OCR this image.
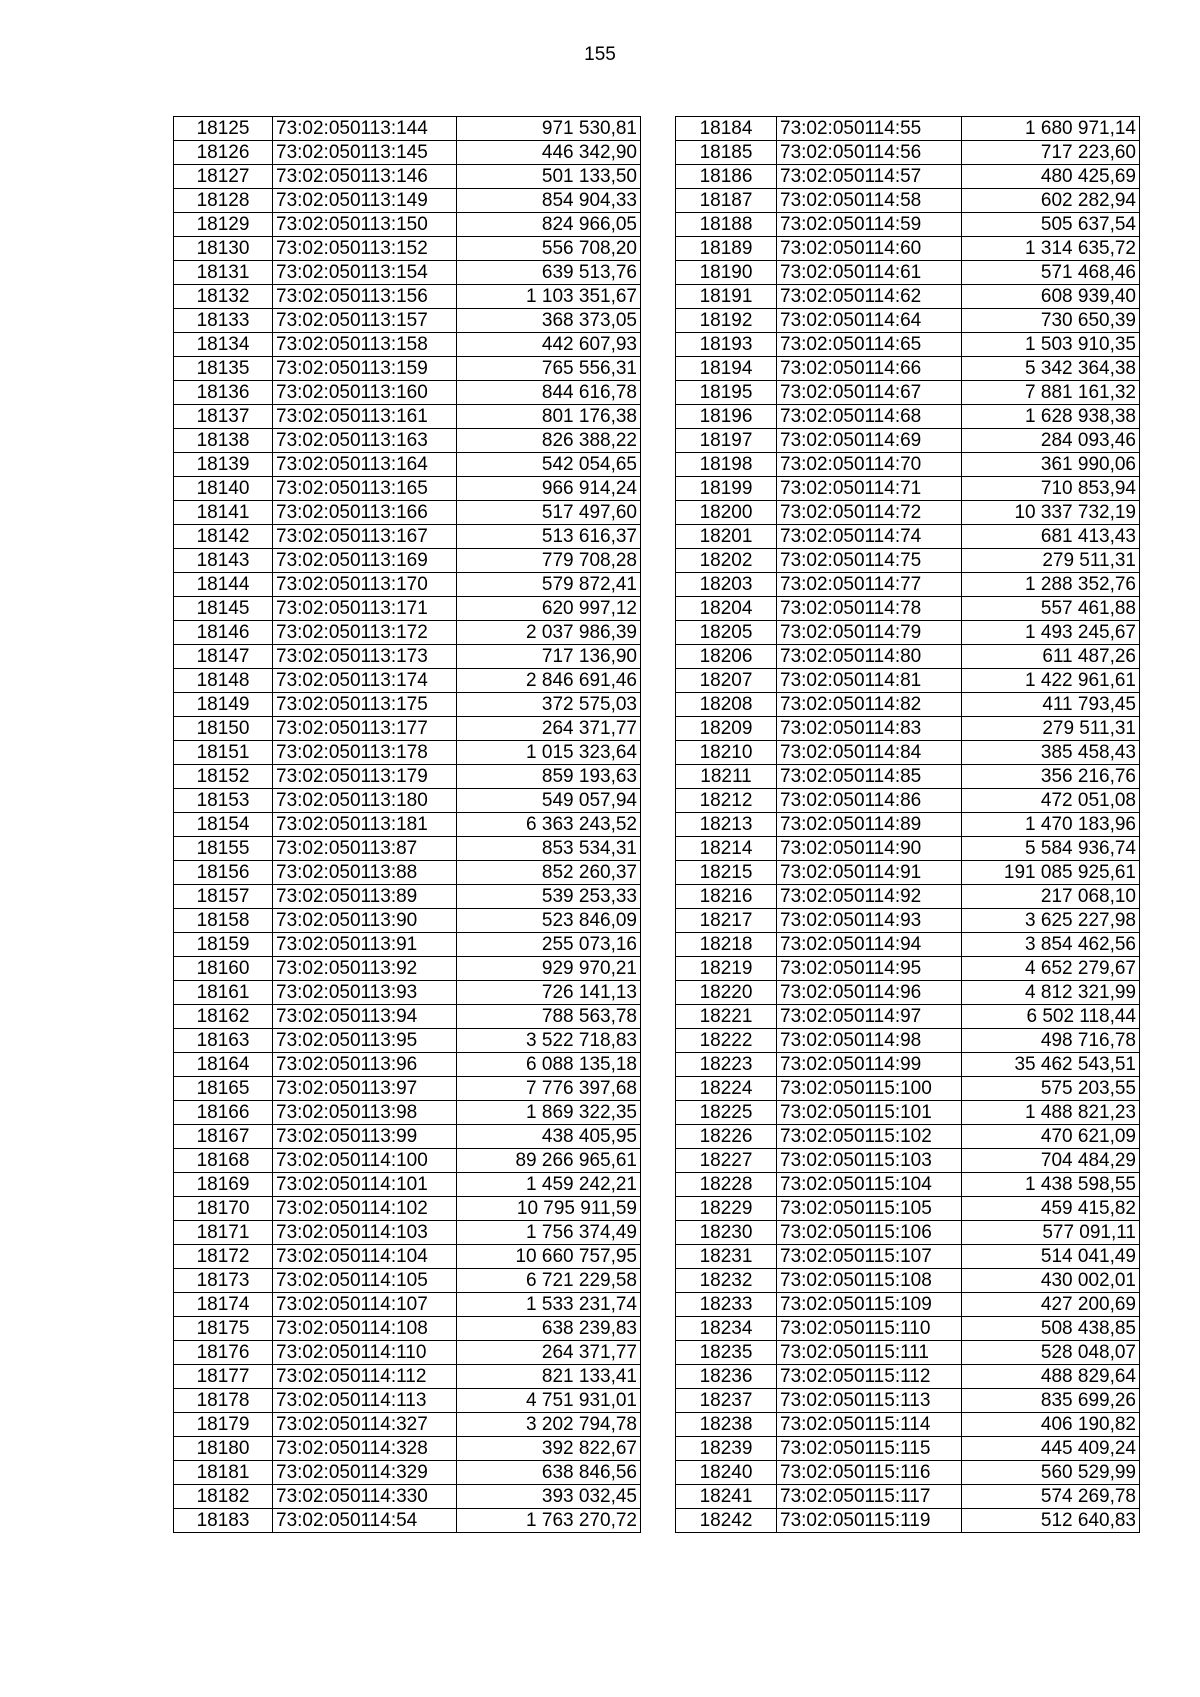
155
18125	73:02:050113:144	971 530,81
18126	73:02:050113:145	446 342,90
18127	73:02:050113:146	501 133,50
18128	73:02:050113:149	854 904,33
18129	73:02:050113:150	824 966,05
18130	73:02:050113:152	556 708,20
18131	73:02:050113:154	639 513,76
18132	73:02:050113:156	1 103 351,67
18133	73:02:050113:157	368 373,05
18134	73:02:050113:158	442 607,93
18135	73:02:050113:159	765 556,31
18136	73:02:050113:160	844 616,78
18137	73:02:050113:161	801 176,38
18138	73:02:050113:163	826 388,22
18139	73:02:050113:164	542 054,65
18140	73:02:050113:165	966 914,24
18141	73:02:050113:166	517 497,60
18142	73:02:050113:167	513 616,37
18143	73:02:050113:169	779 708,28
18144	73:02:050113:170	579 872,41
18145	73:02:050113:171	620 997,12
18146	73:02:050113:172	2 037 986,39
18147	73:02:050113:173	717 136,90
18148	73:02:050113:174	2 846 691,46
18149	73:02:050113:175	372 575,03
18150	73:02:050113:177	264 371,77
18151	73:02:050113:178	1 015 323,64
18152	73:02:050113:179	859 193,63
18153	73:02:050113:180	549 057,94
18154	73:02:050113:181	6 363 243,52
18155	73:02:050113:87	853 534,31
18156	73:02:050113:88	852 260,37
18157	73:02:050113:89	539 253,33
18158	73:02:050113:90	523 846,09
18159	73:02:050113:91	255 073,16
18160	73:02:050113:92	929 970,21
18161	73:02:050113:93	726 141,13
18162	73:02:050113:94	788 563,78
18163	73:02:050113:95	3 522 718,83
18164	73:02:050113:96	6 088 135,18
18165	73:02:050113:97	7 776 397,68
18166	73:02:050113:98	1 869 322,35
18167	73:02:050113:99	438 405,95
18168	73:02:050114:100	89 266 965,61
18169	73:02:050114:101	1 459 242,21
18170	73:02:050114:102	10 795 911,59
18171	73:02:050114:103	1 756 374,49
18172	73:02:050114:104	10 660 757,95
18173	73:02:050114:105	6 721 229,58
18174	73:02:050114:107	1 533 231,74
18175	73:02:050114:108	638 239,83
18176	73:02:050114:110	264 371,77
18177	73:02:050114:112	821 133,41
18178	73:02:050114:113	4 751 931,01
18179	73:02:050114:327	3 202 794,78
18180	73:02:050114:328	392 822,67
18181	73:02:050114:329	638 846,56
18182	73:02:050114:330	393 032,45
18183	73:02:050114:54	1 763 270,72
18184	73:02:050114:55	1 680 971,14
18185	73:02:050114:56	717 223,60
18186	73:02:050114:57	480 425,69
18187	73:02:050114:58	602 282,94
18188	73:02:050114:59	505 637,54
18189	73:02:050114:60	1 314 635,72
18190	73:02:050114:61	571 468,46
18191	73:02:050114:62	608 939,40
18192	73:02:050114:64	730 650,39
18193	73:02:050114:65	1 503 910,35
18194	73:02:050114:66	5 342 364,38
18195	73:02:050114:67	7 881 161,32
18196	73:02:050114:68	1 628 938,38
18197	73:02:050114:69	284 093,46
18198	73:02:050114:70	361 990,06
18199	73:02:050114:71	710 853,94
18200	73:02:050114:72	10 337 732,19
18201	73:02:050114:74	681 413,43
18202	73:02:050114:75	279 511,31
18203	73:02:050114:77	1 288 352,76
18204	73:02:050114:78	557 461,88
18205	73:02:050114:79	1 493 245,67
18206	73:02:050114:80	611 487,26
18207	73:02:050114:81	1 422 961,61
18208	73:02:050114:82	411 793,45
18209	73:02:050114:83	279 511,31
18210	73:02:050114:84	385 458,43
18211	73:02:050114:85	356 216,76
18212	73:02:050114:86	472 051,08
18213	73:02:050114:89	1 470 183,96
18214	73:02:050114:90	5 584 936,74
18215	73:02:050114:91	191 085 925,61
18216	73:02:050114:92	217 068,10
18217	73:02:050114:93	3 625 227,98
18218	73:02:050114:94	3 854 462,56
18219	73:02:050114:95	4 652 279,67
18220	73:02:050114:96	4 812 321,99
18221	73:02:050114:97	6 502 118,44
18222	73:02:050114:98	498 716,78
18223	73:02:050114:99	35 462 543,51
18224	73:02:050115:100	575 203,55
18225	73:02:050115:101	1 488 821,23
18226	73:02:050115:102	470 621,09
18227	73:02:050115:103	704 484,29
18228	73:02:050115:104	1 438 598,55
18229	73:02:050115:105	459 415,82
18230	73:02:050115:106	577 091,11
18231	73:02:050115:107	514 041,49
18232	73:02:050115:108	430 002,01
18233	73:02:050115:109	427 200,69
18234	73:02:050115:110	508 438,85
18235	73:02:050115:111	528 048,07
18236	73:02:050115:112	488 829,64
18237	73:02:050115:113	835 699,26
18238	73:02:050115:114	406 190,82
18239	73:02:050115:115	445 409,24
18240	73:02:050115:116	560 529,99
18241	73:02:050115:117	574 269,78
18242	73:02:050115:119	512 640,83
